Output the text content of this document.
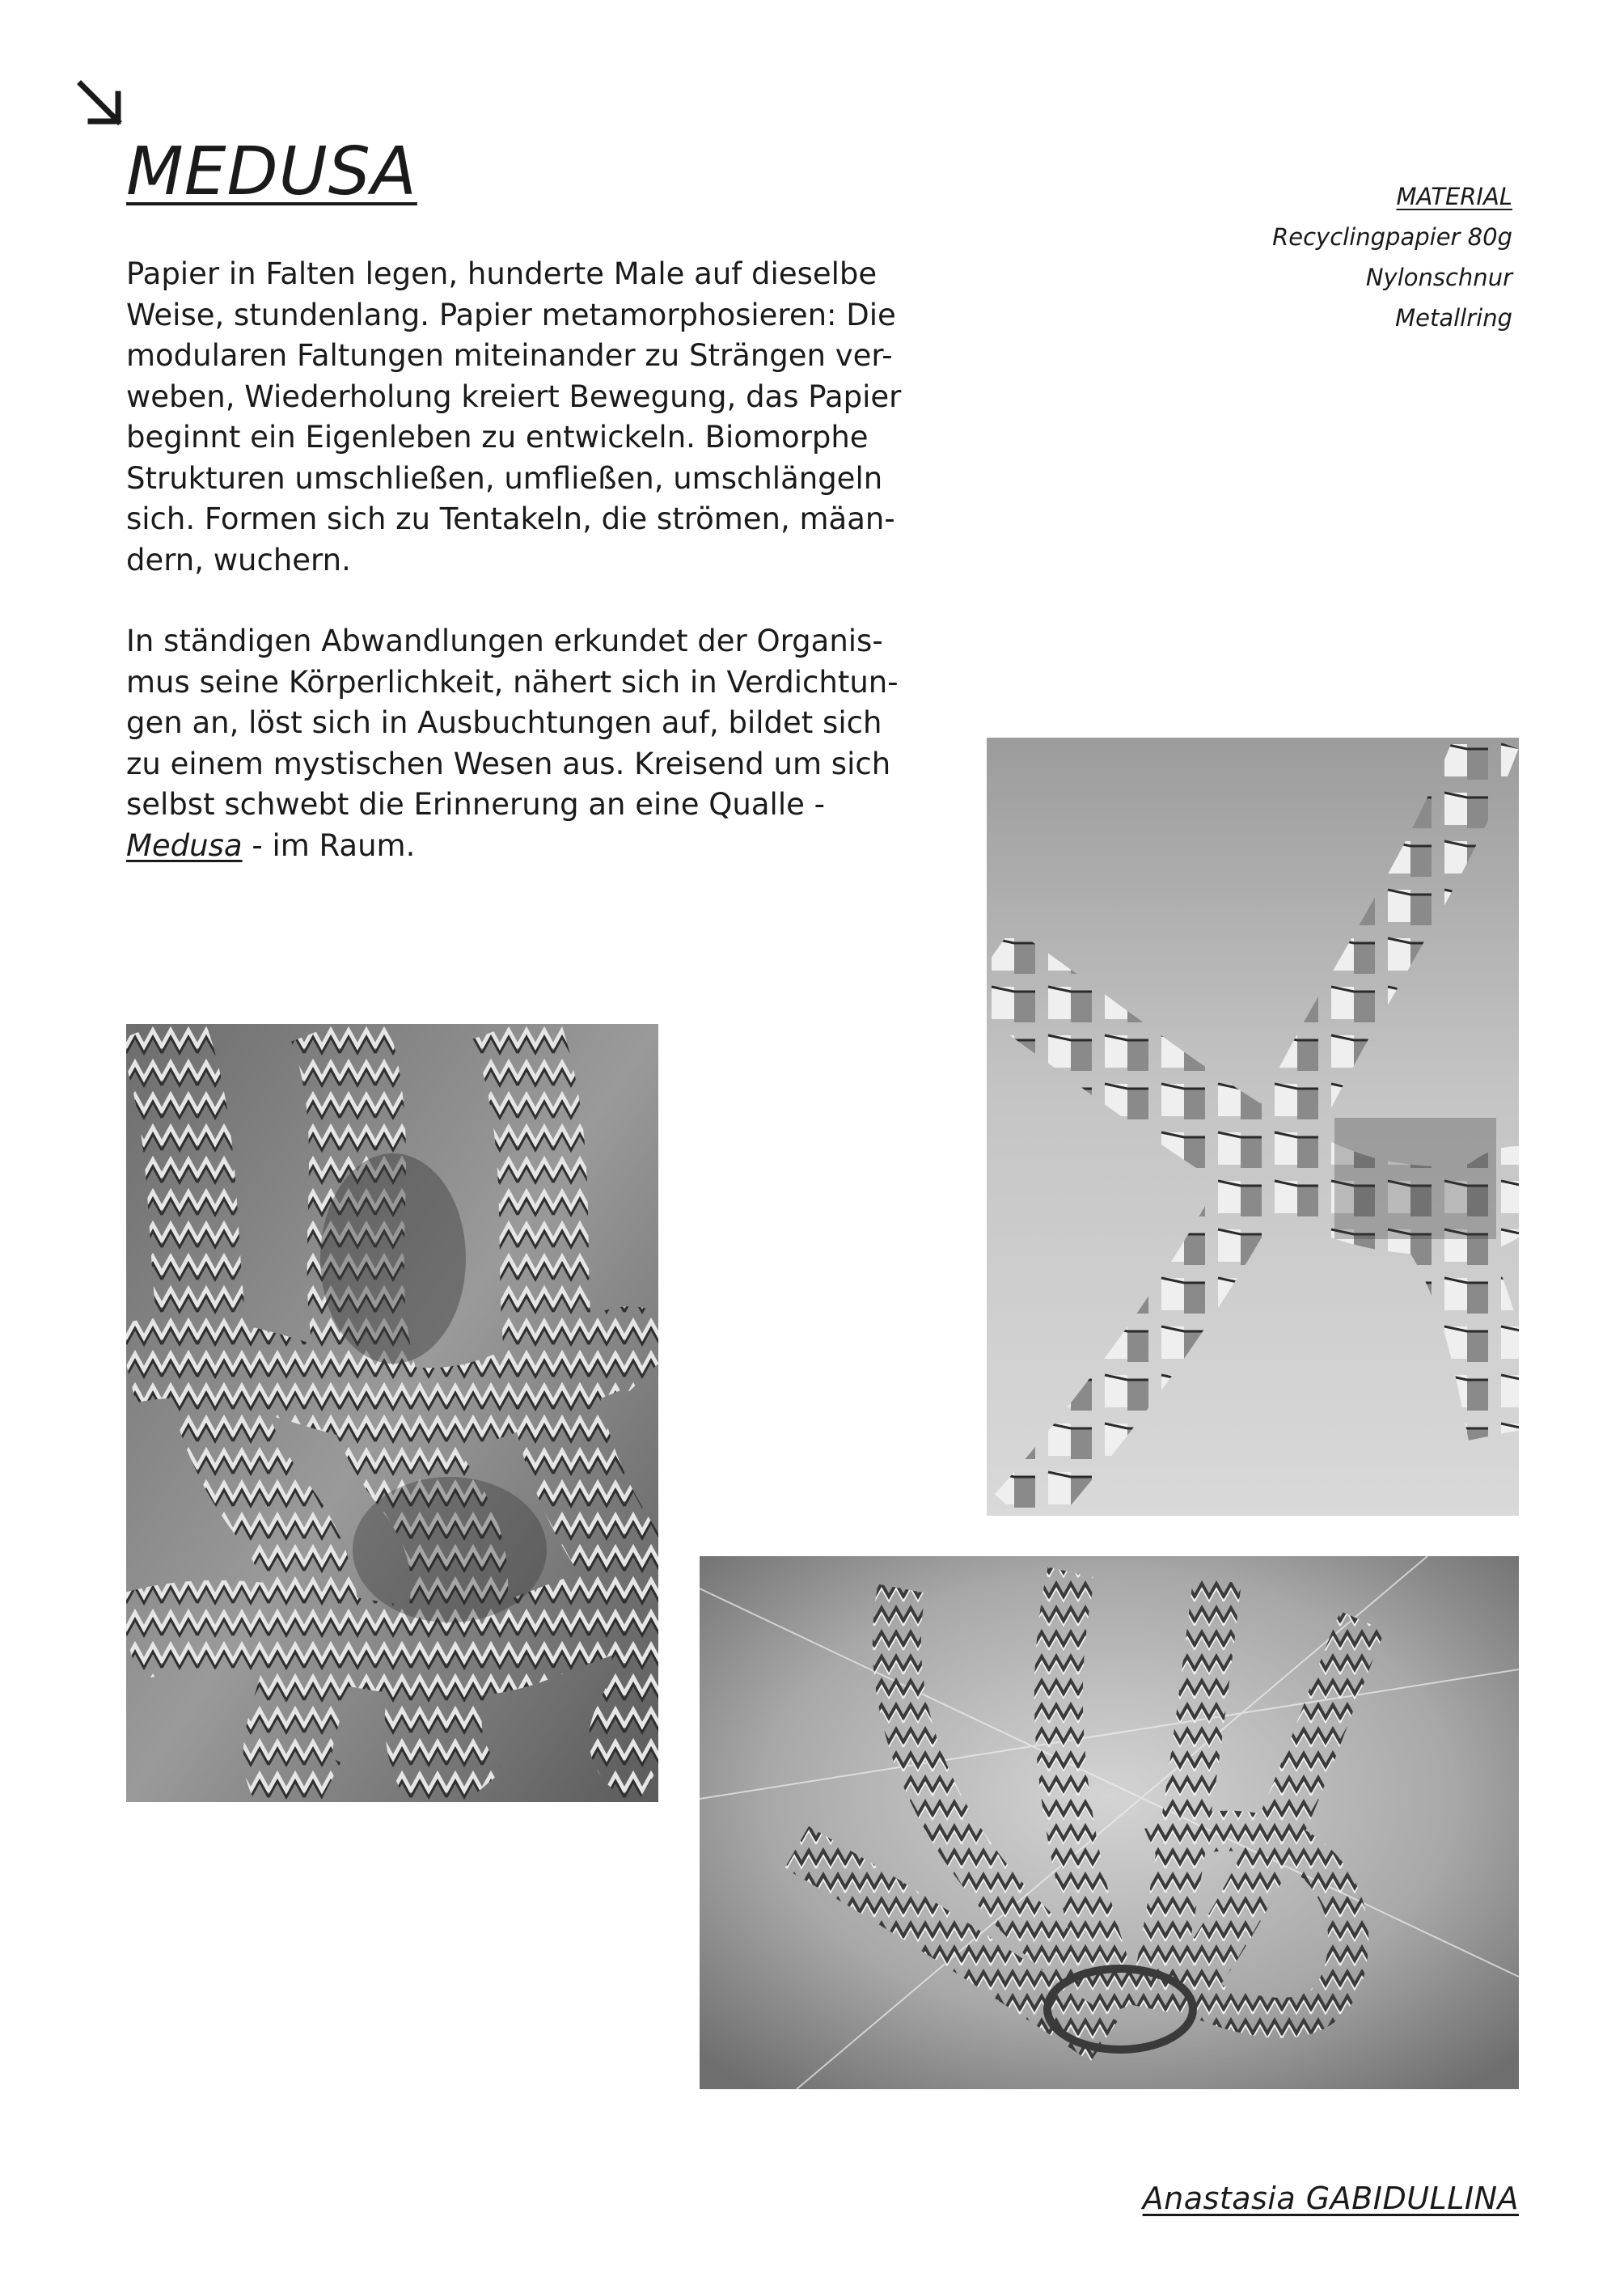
MEDUSA

Papier in Falten legen, hunderte Male auf dieselbe
Weise, stundenlang. Papier metamorphosieren: Die
modularen Faltungen miteinander zu Strängen ver-
weben, Wiederholung kreiert Bewegung, das Papier
beginnt ein Eigenleben zu entwickeln. Biomorphe
Strukturen umschließen, umfließen, umschlängeln
sich. Formen sich zu Tentakeln, die strömen, mäan-
dern, wuchern.

In ständigen Abwandlungen erkundet der Organis-
mus seine Körperlichkeit, nähert sich in Verdichtun-
gen an, löst sich in Ausbuchtungen auf, bildet sich
zu einem mystischen Wesen aus. Kreisend um sich
selbst schwebt die Erinnerung an eine Qualle -
Medusa - im Raum.

MATERIAL
Recyclingpapier 80g
Nylonschnur
Metallring
Anastasia GABIDULLINA
